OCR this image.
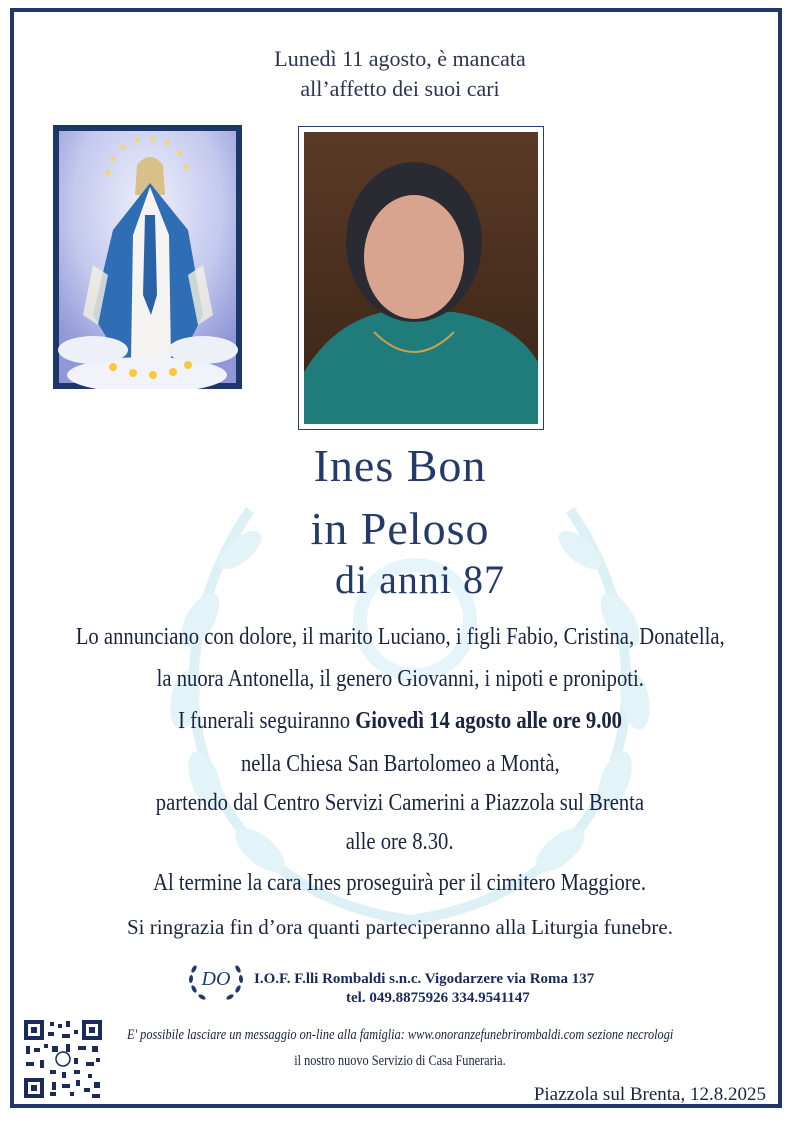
Lunedì 11 agosto, è mancata
all’affetto dei suoi cari
Ines Bon
in Peloso
di anni 87
Lo annunciano con dolore, il marito Luciano, i figli Fabio, Cristina, Donatella,
la nuora Antonella, il genero Giovanni, i nipoti e pronipoti.
I funerali seguiranno Giovedì 14 agosto alle ore 9.00
nella Chiesa San Bartolomeo a Montà,
partendo dal Centro Servizi Camerini a Piazzola sul Brenta
alle ore 8.30.
Al termine la cara Ines proseguirà per il cimitero Maggiore.
Si ringrazia fin d’ora quanti parteciperanno alla Liturgia funebre.
DO I.O.F. F.lli Rombaldi s.n.c. Vigodarzere via Roma 137
tel. 049.8875926 334.9541147
E' possibile lasciare un messaggio on-line alla famiglia: www.onoranzefunebrirombaldi.com sezione necrologi
il nostro nuovo Servizio di Casa Funeraria.
Piazzola sul Brenta, 12.8.2025
